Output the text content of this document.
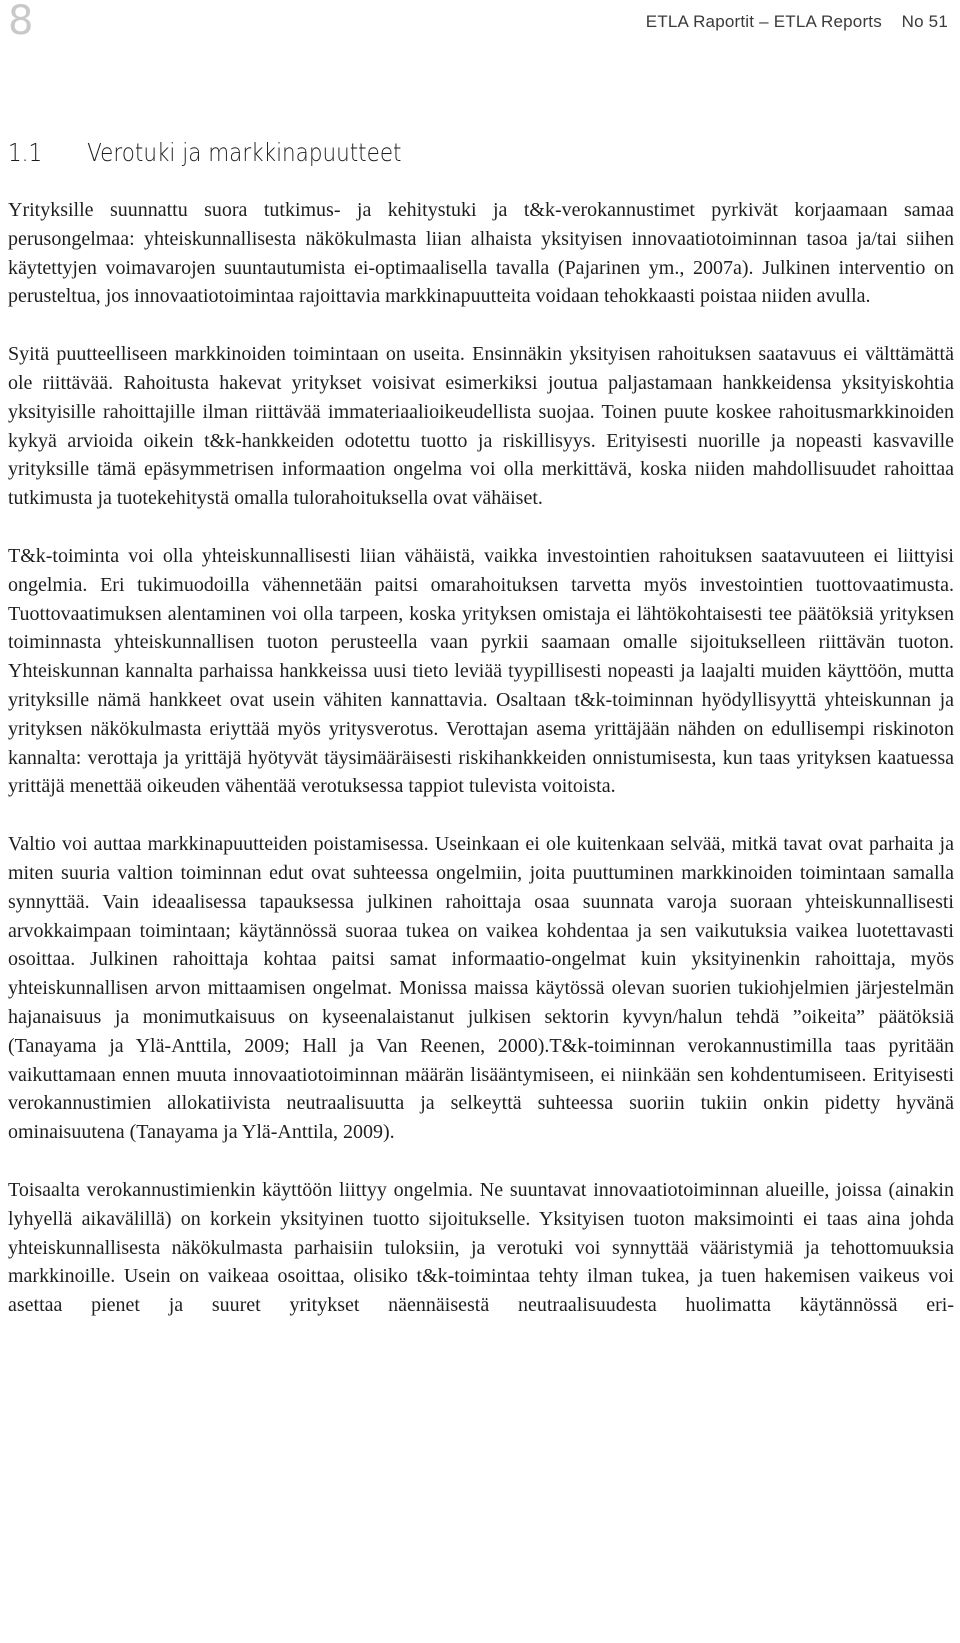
8	ETLA Raportit – ETLA Reports    No 51
1.1 Verotuki ja markkinapuutteet

Yrityksille suunnattu suora tutkimus- ja kehitystuki ja t&k-verokannustimet pyrkivät korjaamaan samaa perusongelmaa: yhteiskunnallisesta näkökulmasta liian alhaista yksityisen innovaatiotoiminnan tasoa ja/tai siihen käytettyjen voimavarojen suuntautumista ei-optimaalisella tavalla (Pajarinen ym., 2007a). Julkinen interventio on perusteltua, jos innovaatiotoimintaa rajoittavia markkinapuutteita voidaan tehokkaasti poistaa niiden avulla.

Syitä puutteelliseen markkinoiden toimintaan on useita. Ensinnäkin yksityisen rahoituksen saatavuus ei välttämättä ole riittävää. Rahoitusta hakevat yritykset voisivat esimerkiksi joutua paljastamaan hankkeidensa yksityiskohtia yksityisille rahoittajille ilman riittävää immateriaalioikeudellista suojaa. Toinen puute koskee rahoitusmarkkinoiden kykyä arvioida oikein t&k-hankkeiden odotettu tuotto ja riskillisyys. Erityisesti nuorille ja nopeasti kasvaville yrityksille tämä epäsymmetrisen informaation ongelma voi olla merkittävä, koska niiden mahdollisuudet rahoittaa tutkimusta ja tuotekehitystä omalla tulorahoituksella ovat vähäiset.

T&k-toiminta voi olla yhteiskunnallisesti liian vähäistä, vaikka investointien rahoituksen saatavuuteen ei liittyisi ongelmia. Eri tukimuodoilla vähennetään paitsi omarahoituksen tarvetta myös investointien tuottovaatimusta. Tuottovaatimuksen alentaminen voi olla tarpeen, koska yrityksen omistaja ei lähtökohtaisesti tee päätöksiä yrityksen toiminnasta yhteiskunnallisen tuoton perusteella vaan pyrkii saamaan omalle sijoitukselleen riittävän tuoton. Yhteiskunnan kannalta parhaissa hankkeissa uusi tieto leviää tyypillisesti nopeasti ja laajalti muiden käyttöön, mutta yrityksille nämä hankkeet ovat usein vähiten kannattavia. Osaltaan t&k-toiminnan hyödyllisyyttä yhteiskunnan ja yrityksen näkökulmasta eriyttää myös yritysverotus. Verottajan asema yrittäjään nähden on edullisempi riskinoton kannalta: verottaja ja yrittäjä hyötyvät täysimääräisesti riskihankkeiden onnistumisesta, kun taas yrityksen kaatuessa yrittäjä menettää oikeuden vähentää verotuksessa tappiot tulevista voitoista.

Valtio voi auttaa markkinapuutteiden poistamisessa. Useinkaan ei ole kuitenkaan selvää, mitkä tavat ovat parhaita ja miten suuria valtion toiminnan edut ovat suhteessa ongelmiin, joita puuttuminen markkinoiden toimintaan samalla synnyttää. Vain ideaalisessa tapauksessa julkinen rahoittaja osaa suunnata varoja suoraan yhteiskunnallisesti arvokkaimpaan toimintaan; käytännössä suoraa tukea on vaikea kohdentaa ja sen vaikutuksia vaikea luotettavasti osoittaa. Julkinen rahoittaja kohtaa paitsi samat informaatio-ongelmat kuin yksityinenkin rahoittaja, myös yhteiskunnallisen arvon mittaamisen ongelmat. Monissa maissa käytössä olevan suorien tukiohjelmien järjestelmän hajanaisuus ja monimutkaisuus on kyseenalaistanut julkisen sektorin kyvyn/halun tehdä ”oikeita” päätöksiä (Tanayama ja Ylä-Anttila, 2009; Hall ja Van Reenen, 2000).T&k-toiminnan verokannustimilla taas pyritään vaikuttamaan ennen muuta innovaatiotoiminnan määrän lisääntymiseen, ei niinkään sen kohdentumiseen. Erityisesti verokannustimien allokatiivista neutraalisuutta ja selkeyttä suhteessa suoriin tukiin onkin pidetty hyvänä ominaisuutena (Tanayama ja Ylä-Anttila, 2009).

Toisaalta verokannustimienkin käyttöön liittyy ongelmia. Ne suuntavat innovaatiotoiminnan alueille, joissa (ainakin lyhyellä aikavälillä) on korkein yksityinen tuotto sijoitukselle. Yksityisen tuoton maksimointi ei taas aina johda yhteiskunnallisesta näkökulmasta parhaisiin tuloksiin, ja verotuki voi synnyttää vääristymiä ja tehottomuuksia markkinoille. Usein on vaikeaa osoittaa, olisiko t&k-toimintaa tehty ilman tukea, ja tuen hakemisen vaikeus voi asettaa pienet ja suuret yritykset näennäisestä neutraalisuudesta huolimatta käytännössä eri-
